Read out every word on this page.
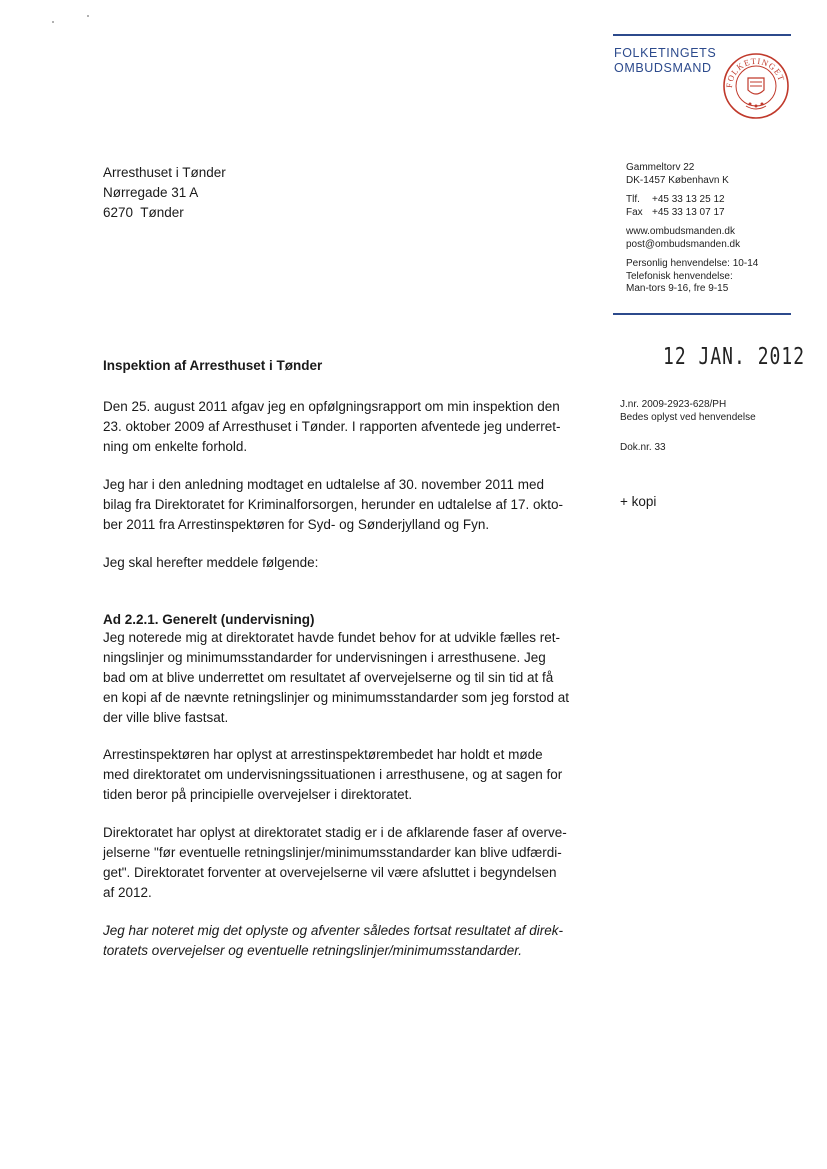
FOLKETINGETS
OMBUDSMAND
FOLKETINGET
Arresthuset i Tønder
Nørregade 31 A
6270  Tønder
Gammeltorv 22
DK-1457 København K
Tlf. +45 33 13 25 12
Fax +45 33 13 07 17
www.ombudsmanden.dk
post@ombudsmanden.dk
Personlig henvendelse: 10-14
Telefonisk henvendelse:
Man-tors 9-16, fre 9-15
12 JAN. 2012
Inspektion af Arresthuset i Tønder
J.nr. 2009-2923-628/PH
Bedes oplyst ved henvendelse
Dok.nr. 33
+ kopi
Den 25. august 2011 afgav jeg en opfølgningsrapport om min inspektion den
23. oktober 2009 af Arresthuset i Tønder. I rapporten afventede jeg underret-
ning om enkelte forhold.
Jeg har i den anledning modtaget en udtalelse af 30. november 2011 med
bilag fra Direktoratet for Kriminalforsorgen, herunder en udtalelse af 17. okto-
ber 2011 fra Arrestinspektøren for Syd- og Sønderjylland og Fyn.
Jeg skal herefter meddele følgende:
Ad 2.2.1. Generelt (undervisning)
Jeg noterede mig at direktoratet havde fundet behov for at udvikle fælles ret-
ningslinjer og minimumsstandarder for undervisningen i arresthusene. Jeg
bad om at blive underrettet om resultatet af overvejelserne og til sin tid at få
en kopi af de nævnte retningslinjer og minimumsstandarder som jeg forstod at
der ville blive fastsat.
Arrestinspektøren har oplyst at arrestinspektørembedet har holdt et møde
med direktoratet om undervisningssituationen i arresthusene, og at sagen for
tiden beror på principielle overvejelser i direktoratet.
Direktoratet har oplyst at direktoratet stadig er i de afklarende faser af overve-
jelserne "før eventuelle retningslinjer/minimumsstandarder kan blive udfærdi-
get". Direktoratet forventer at overvejelserne vil være afsluttet i begyndelsen
af 2012.
Jeg har noteret mig det oplyste og afventer således fortsat resultatet af direk-
toratets overvejelser og eventuelle retningslinjer/minimumsstandarder.
